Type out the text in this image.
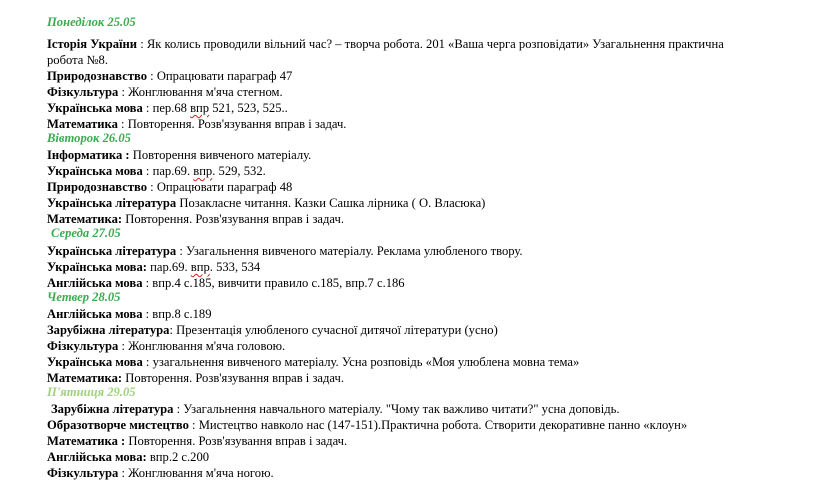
Понеділок 25.05
Історія України : Як колись проводили вільний час? – творча робота. 201 «Ваша черга розповідати» Узагальнення практична
робота №8.
Природознавство : Опрацювати параграф 47
Фізкультура : Жонглювання м'яча стегном.
Українська мова : пер.68 впр 521, 523, 525..
Математика : Повторення. Розв'язування вправ і задач.
Вівторок 26.05
Інформатика : Повторення вивченого матеріалу.
Українська мова : пар.69. впр. 529, 532.
Природознавство : Опрацювати параграф 48
Українська література Позакласне читання. Казки Сашка лірника ( О. Власюка)
Математика: Повторення. Розв'язування вправ і задач.
Середа 27.05
Українська література : Узагальнення вивченого матеріалу. Реклама улюбленого твору.
Українська мова: пар.69. впр. 533, 534
Англійська мова : впр.4 с.185, вивчити правило с.185, впр.7 с.186
Четвер 28.05
Англійська мова : впр.8 с.189
Зарубіжна література: Презентація улюбленого сучасної дитячої літератури (усно)
Фізкультура : Жонглювання м'яча головою.
Українська мова : узагальнення вивченого матеріалу. Усна розповідь «Моя улюблена мовна тема»
Математика: Повторення. Розв'язування вправ і задач.
П'ятниця 29.05
Зарубіжна література : Узагальнення навчального матеріалу. "Чому так важливо читати?" усна доповідь.
Образотворче мистецтво : Мистецтво навколо нас (147-151).Практична робота. Створити декоративне панно «клоун»
Математика : Повторення. Розв'язування вправ і задач.
Англійська мова: впр.2 с.200
Фізкультура : Жонглювання м'яча ногою.
